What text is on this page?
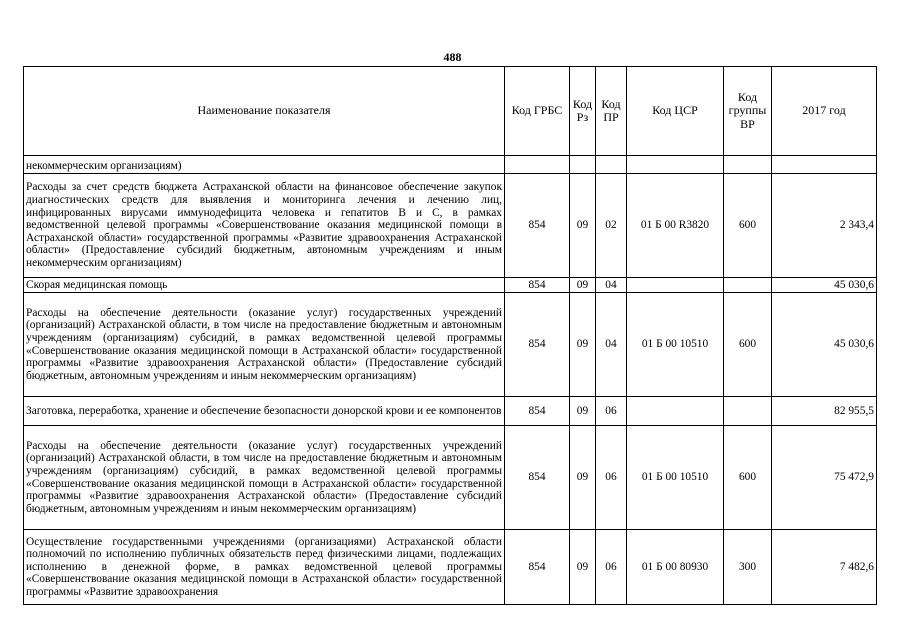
488
Наименование показателя	Код ГРБС	Код Рз	Код ПР	Код ЦСР	Код группы ВР	2017 год
некоммерческим организациям)						
Расходы за счет средств бюджета Астраханской области на финансовое обеспечение закупок диагностических средств для выявления и мониторинга лечения и лечению лиц, инфицированных вирусами иммунодефицита человека и гепатитов В и С, в рамках ведомственной целевой программы «Совершенствование оказания медицинской помощи в Астраханской области» государственной программы «Развитие здравоохранения Астраханской области» (Предоставление субсидий бюджетным, автономным учреждениям и иным некоммерческим организациям)	854	09	02	01 Б 00 R3820	600	2 343,4
Скорая медицинская помощь	854	09	04			45 030,6
Расходы на обеспечение деятельности (оказание услуг) государственных учреждений (организаций) Астраханской области, в том числе на предоставление бюджетным и автономным учреждениям (организациям) субсидий, в рамках ведомственной целевой программы «Совершенствование оказания медицинской помощи в Астраханской области» государственной программы «Развитие здравоохранения Астраханской области» (Предоставление субсидий бюджетным, автономным учреждениям и иным некоммерческим организациям)	854	09	04	01 Б 00 10510	600	45 030,6
Заготовка, переработка, хранение и обеспечение безопасности донорской крови и ее компонентов	854	09	06			82 955,5
Расходы на обеспечение деятельности (оказание услуг) государственных учреждений (организаций) Астраханской области, в том числе на предоставление бюджетным и автономным учреждениям (организациям) субсидий, в рамках ведомственной целевой программы «Совершенствование оказания медицинской помощи в Астраханской области» государственной программы «Развитие здравоохранения Астраханской области» (Предоставление субсидий бюджетным, автономным учреждениям и иным некоммерческим организациям)	854	09	06	01 Б 00 10510	600	75 472,9
Осуществление государственными учреждениями (организациями) Астраханской области полномочий по исполнению публичных обязательств перед физическими лицами, подлежащих исполнению в денежной форме, в рамках ведомственной целевой программы «Совершенствование оказания медицинской помощи в Астраханской области» государственной программы «Развитие здравоохранения	854	09	06	01 Б 00 80930	300	7 482,6
